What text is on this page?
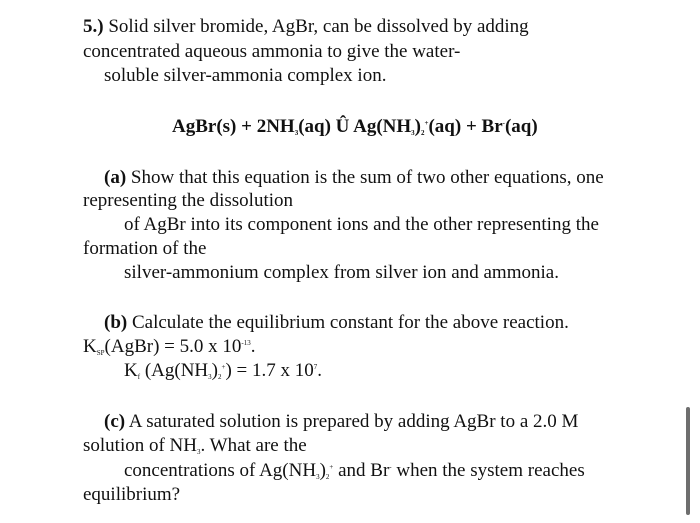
5.) Solid silver bromide, AgBr, can be dissolved by adding
concentrated aqueous ammonia to give the water-
soluble silver-ammonia complex ion.
AgBr(s) + $2NH_3(aq)$ Û $Ag(NH_3)_2^+(aq) + Br^-(aq)$
(a) Show that this equation is the sum of two other equations, one
representing the dissolution
of AgBr into its component ions and the other representing the
formation of the
silver-ammonium complex from silver ion and ammonia.
(b) Calculate the equilibrium constant for the above reaction.
$K_{SP}(AgBr) = 5.0$ x $10^{-13}$.
$K_f$ $(Ag(NH_3)_2^+) = 1.7$ x $10^7$.
(c) A saturated solution is prepared by adding AgBr to a 2.0 M
solution of $NH_3$. What are the
concentrations of $Ag(NH_3)_2^+$ and Br- when the system reaches
equilibrium?
